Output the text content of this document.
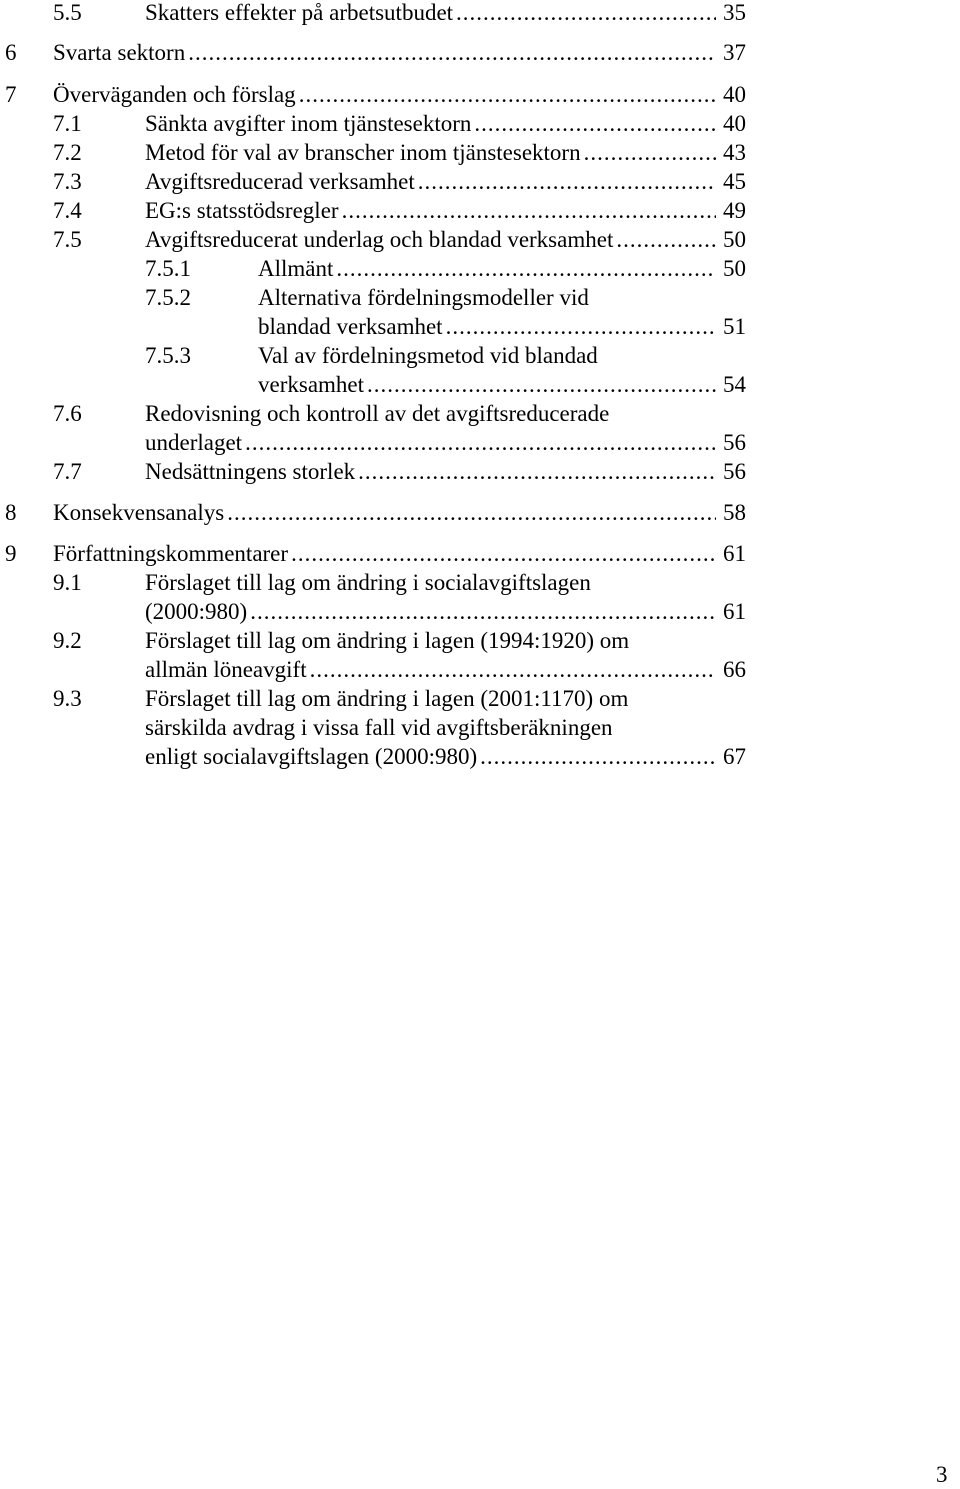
5.5	Skatters effekter på arbetsutbudet .....	35
6 Svarta sektorn .....	37
7 Överväganden och förslag .....	40
7.1	Sänkta avgifter inom tjänstesektorn .....	40
7.2	Metod för val av branscher inom tjänstesektorn .....	43
7.3	Avgiftsreducerad verksamhet .....	45
7.4	EG:s statsstödsregler .....	49
7.5	Avgiftsreducerat underlag och blandad verksamhet .....	50
7.5.1	Allmänt .....	50
7.5.2	Alternativa fördelningsmodeller vid
blandad verksamhet .....	51
7.5.3	Val av fördelningsmetod vid blandad
verksamhet .....	54
7.6	Redovisning och kontroll av det avgiftsreducerade
underlaget .....	56
7.7	Nedsättningens storlek .....	56
8 Konsekvensanalys .....	58
9 Författningskommentarer .....	61
9.1	Förslaget till lag om ändring i socialavgiftslagen
(2000:980) .....	61
9.2	Förslaget till lag om ändring i lagen (1994:1920) om
allmän löneavgift .....	66
9.3	Förslaget till lag om ändring i lagen (2001:1170) om
särskilda avdrag i vissa fall vid avgiftsberäkningen
enligt socialavgiftslagen (2000:980) .....	67
3
